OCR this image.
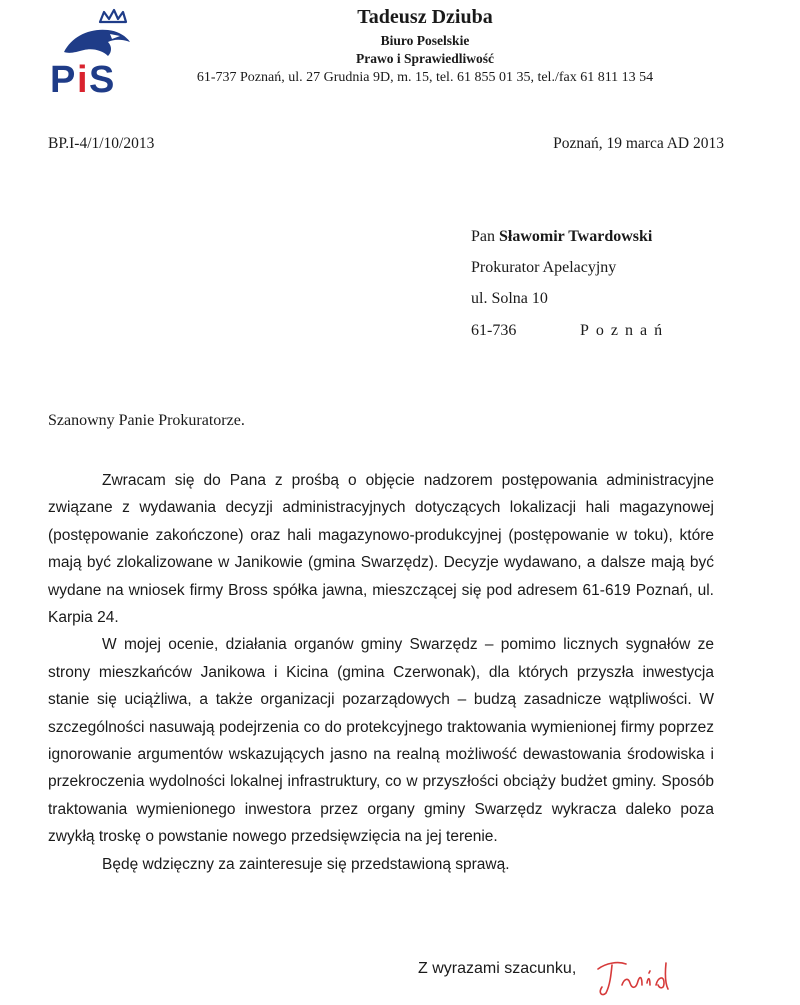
P i S
Tadeusz Dziuba
Biuro Poselskie
Prawo i Sprawiedliwość
61-737 Poznań, ul. 27 Grudnia 9D, m. 15, tel. 61 855 01 35, tel./fax 61 811 13 54
BP.I-4/1/10/2013	Poznań, 19 marca AD 2013
Pan Sławomir Twardowski
Prokurator Apelacyjny
ul. Solna 10
61-736	Poznań
Szanowny Panie Prokuratorze.

Zwracam się do Pana z prośbą o objęcie nadzorem postępowania administracyjne związane z wydawania decyzji administracyjnych dotyczących lokalizacji hali magazynowej (postępowanie zakończone) oraz hali magazynowo-produkcyjnej (postępowanie w toku), które mają być zlokalizowane w Janikowie (gmina Swarzędz). Decyzje wydawano, a dalsze mają być wydane na wniosek firmy Bross spółka jawna, mieszczącej się pod adresem 61-619 Poznań, ul. Karpia 24.

W mojej ocenie, działania organów gminy Swarzędz – pomimo licznych sygnałów ze strony mieszkańców Janikowa i Kicina (gmina Czerwonak), dla których przyszła inwestycja stanie się uciążliwa, a także organizacji pozarządowych – budzą zasadnicze wątpliwości. W szczególności nasuwają podejrzenia co do protekcyjnego traktowania wymienionej firmy poprzez ignorowanie argumentów wskazujących jasno na realną możliwość dewastowania środowiska i przekroczenia wydolności lokalnej infrastruktury, co w przyszłości obciąży budżet gminy. Sposób traktowania wymienionego inwestora przez organy gminy Swarzędz wykracza daleko poza zwykłą troskę o powstanie nowego przedsięwzięcia na jej terenie.

Będę wdzięczny za zainteresuje się przedstawioną sprawą.

Z wyrazami szacunku,
